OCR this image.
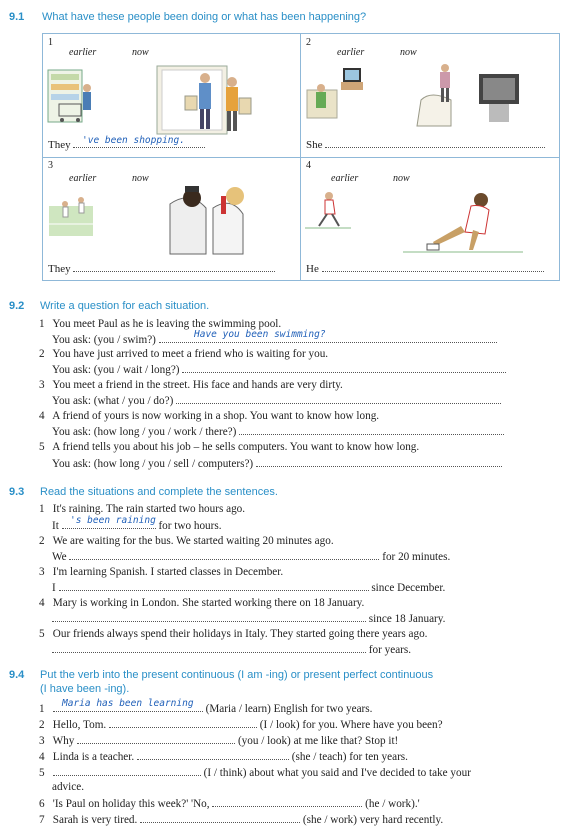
9.1 What have these people been doing or what has been happening?
1
earlier	now
They	've been shopping.
2
earlier	now
She
3
earlier	now
They
4
earlier	now
He
9.2 Write a question for each situation.
1 You meet Paul as he is leaving the swimming pool.
You ask: (you / swim?)	Have you been swimming?
2 You have just arrived to meet a friend who is waiting for you.
You ask: (you / wait / long?)
3 You meet a friend in the street. His face and hands are very dirty.
You ask: (what / you / do?)
4 A friend of yours is now working in a shop. You want to know how long.
You ask: (how long / you / work / there?)
5 A friend tells you about his job – he sells computers. You want to know how long.
You ask: (how long / you / sell / computers?)
9.3 Read the situations and complete the sentences.
1 It's raining. The rain started two hours ago.
It	for two hours.
's been raining
2 We are waiting for the bus. We started waiting 20 minutes ago.
We	for 20 minutes.
3 I'm learning Spanish. I started classes in December.
I	since December.
4 Mary is working in London. She started working there on 18 January.
since 18 January.
5 Our friends always spend their holidays in Italy. They started going there years ago.
for years.
9.4 Put the verb into the present continuous (I am -ing) or present perfect continuous
(I have been -ing).
1	(Maria / learn) English for two years.
Maria has been learning
2 Hello, Tom.	(I / look) for you. Where have you been?
3 Why	(you / look) at me like that? Stop it!
4 Linda is a teacher.	(she / teach) for ten years.
5	(I / think) about what you said and I've decided to take your
advice.
6 'Is Paul on holiday this week?' 'No,	(he / work).'
7 Sarah is very tired.	(she / work) very hard recently.
